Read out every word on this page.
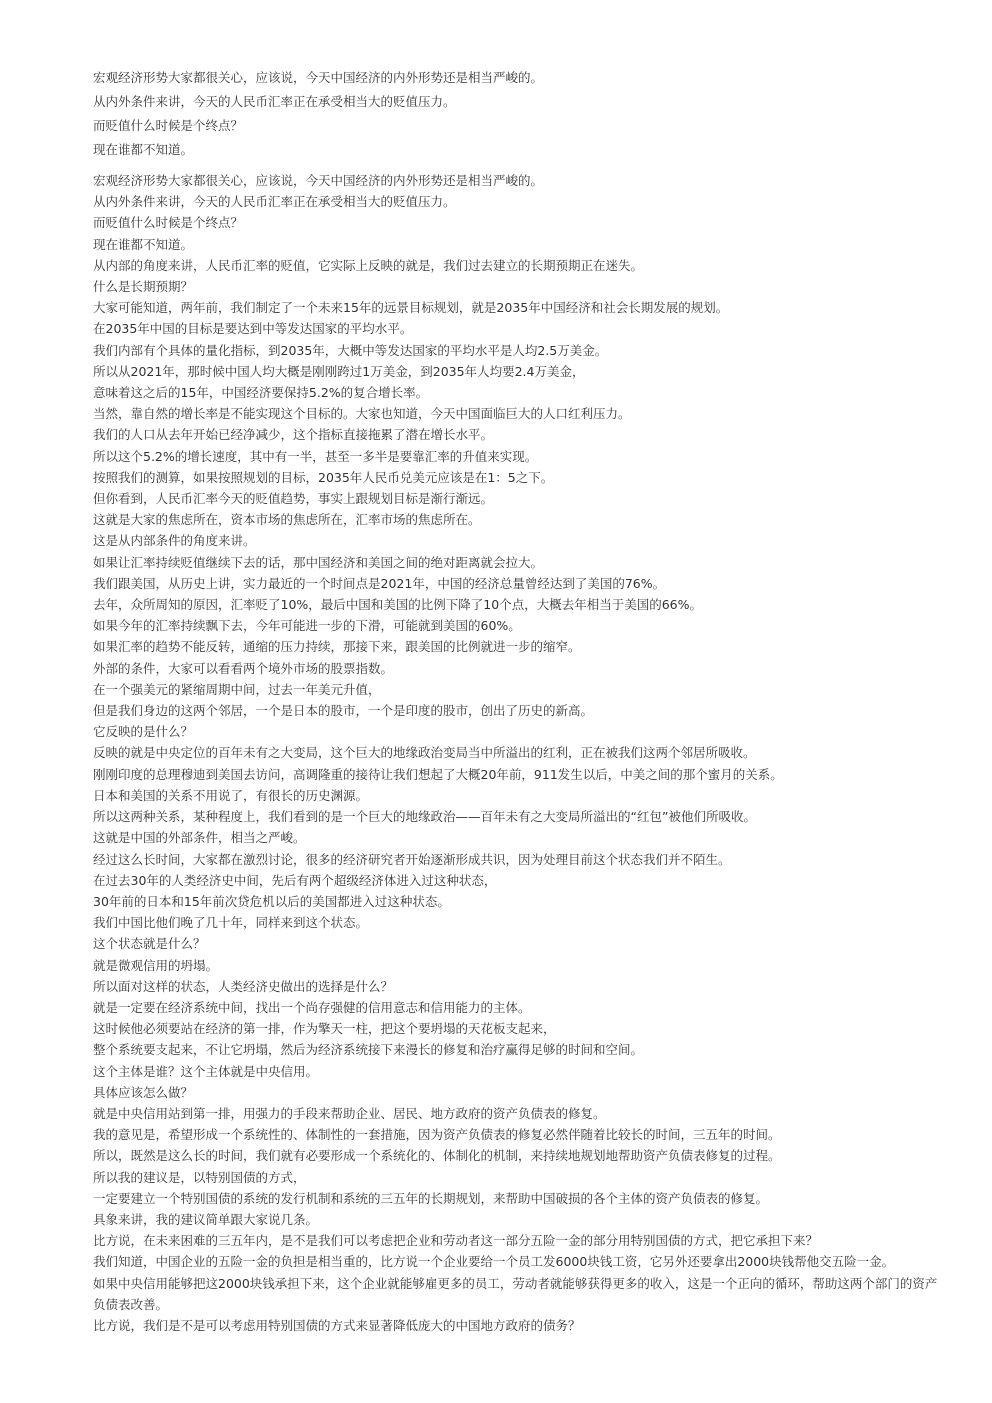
宏观经济形势大家都很关心，应该说，今天中国经济的内外形势还是相当严峻的。

从内外条件来讲，今天的人民币汇率正在承受相当大的贬值压力。

而贬值什么时候是个终点？

现在谁都不知道。

宏观经济形势大家都很关心，应该说，今天中国经济的内外形势还是相当严峻的。

从内外条件来讲，今天的人民币汇率正在承受相当大的贬值压力。

而贬值什么时候是个终点？

现在谁都不知道。

从内部的角度来讲，人民币汇率的贬值，它实际上反映的就是，我们过去建立的长期预期正在迷失。

什么是长期预期？

大家可能知道，两年前，我们制定了一个未来15年的远景目标规划，就是2035年中国经济和社会长期发展的规划。

在2035年中国的目标是要达到中等发达国家的平均水平。

我们内部有个具体的量化指标，到2035年，大概中等发达国家的平均水平是人均2.5万美金。

所以从2021年，那时候中国人均大概是刚刚跨过1万美金，到2035年人均要2.4万美金，

意味着这之后的15年，中国经济要保持5.2%的复合增长率。

当然，靠自然的增长率是不能实现这个目标的。大家也知道，今天中国面临巨大的人口红利压力。

我们的人口从去年开始已经净减少，这个指标直接拖累了潜在增长水平。

所以这个5.2%的增长速度，其中有一半，甚至一多半是要靠汇率的升值来实现。

按照我们的测算，如果按照规划的目标，2035年人民币兑美元应该是在1：5之下。

但你看到，人民币汇率今天的贬值趋势，事实上跟规划目标是渐行渐远。

这就是大家的焦虑所在，资本市场的焦虑所在，汇率市场的焦虑所在。

这是从内部条件的角度来讲。

如果让汇率持续贬值继续下去的话，那中国经济和美国之间的绝对距离就会拉大。

我们跟美国，从历史上讲，实力最近的一个时间点是2021年，中国的经济总量曾经达到了美国的76%。

去年，众所周知的原因，汇率贬了10%，最后中国和美国的比例下降了10个点，大概去年相当于美国的66%。

如果今年的汇率持续飘下去，今年可能进一步的下滑，可能就到美国的60%。

如果汇率的趋势不能反转，通缩的压力持续，那接下来，跟美国的比例就进一步的缩窄。

外部的条件，大家可以看看两个境外市场的股票指数。

在一个强美元的紧缩周期中间，过去一年美元升值，

但是我们身边的这两个邻居，一个是日本的股市，一个是印度的股市，创出了历史的新高。

它反映的是什么？

反映的就是中央定位的百年未有之大变局，这个巨大的地缘政治变局当中所溢出的红利，正在被我们这两个邻居所吸收。

刚刚印度的总理穆迪到美国去访问，高调隆重的接待让我们想起了大概20年前，911发生以后，中美之间的那个蜜月的关系。

日本和美国的关系不用说了，有很长的历史渊源。

所以这两种关系，某种程度上，我们看到的是一个巨大的地缘政治——百年未有之大变局所溢出的“红包”被他们所吸收。

这就是中国的外部条件，相当之严峻。

经过这么长时间，大家都在激烈讨论，很多的经济研究者开始逐渐形成共识，因为处理目前这个状态我们并不陌生。

在过去30年的人类经济史中间，先后有两个超级经济体进入过这种状态，

30年前的日本和15年前次贷危机以后的美国都进入过这种状态。

我们中国比他们晚了几十年，同样来到这个状态。

这个状态就是什么？

就是微观信用的坍塌。

所以面对这样的状态，人类经济史做出的选择是什么？

就是一定要在经济系统中间，找出一个尚存强健的信用意志和信用能力的主体。

这时候他必须要站在经济的第一排，作为擎天一柱，把这个要坍塌的天花板支起来，

整个系统要支起来，不让它坍塌，然后为经济系统接下来漫长的修复和治疗赢得足够的时间和空间。

这个主体是谁？这个主体就是中央信用。

具体应该怎么做？

就是中央信用站到第一排，用强力的手段来帮助企业、居民、地方政府的资产负债表的修复。

我的意见是，希望形成一个系统性的、体制性的一套措施，因为资产负债表的修复必然伴随着比较长的时间，三五年的时间。

所以，既然是这么长的时间，我们就有必要形成一个系统化的、体制化的机制，来持续地规划地帮助资产负债表修复的过程。

所以我的建议是，以特别国债的方式，

一定要建立一个特别国债的系统的发行机制和系统的三五年的长期规划，来帮助中国破损的各个主体的资产负债表的修复。

具象来讲，我的建议简单跟大家说几条。

比方说，在未来困难的三五年内，是不是我们可以考虑把企业和劳动者这一部分五险一金的部分用特别国债的方式，把它承担下来？

我们知道，中国企业的五险一金的负担是相当重的，比方说一个企业要给一个员工发6000块钱工资，它另外还要拿出2000块钱帮他交五险一金。

如果中央信用能够把这2000块钱承担下来，这个企业就能够雇更多的员工，劳动者就能够获得更多的收入，这是一个正向的循环，帮助这两个部门的资产负债表改善。

比方说，我们是不是可以考虑用特别国债的方式来显著降低庞大的中国地方政府的债务？
